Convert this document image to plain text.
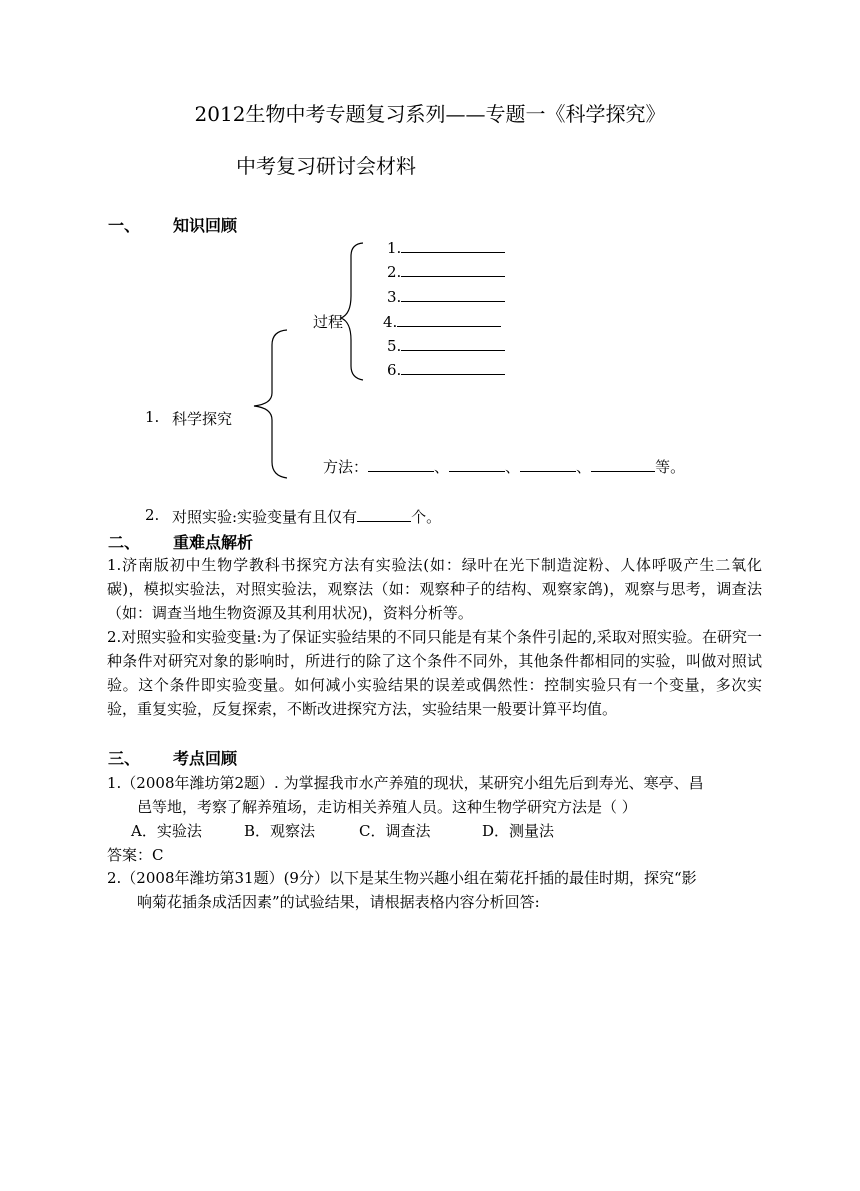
2012生物中考专题复习系列——专题一《科学探究》
中考复习研讨会材料
一、 知识回顾
1.
2.
3.
4.
5.
6.
过程
1. 科学探究
方法：	、	、	、	等。
2. 对照实验:实验变量有且仅有	个。
二、 重难点解析
1.济南版初中生物学教科书探究方法有实验法(如：绿叶在光下制造淀粉、人体呼吸产生二氧化碳)，模拟实验法，对照实验法，观察法（如：观察种子的结构、观察家鸽)，观察与思考，调查法（如：调查当地生物资源及其利用状况)，资料分析等。
2.对照实验和实验变量:为了保证实验结果的不同只能是有某个条件引起的,采取对照实验。在研究一种条件对研究对象的影响时，所进行的除了这个条件不同外，其他条件都相同的实验，叫做对照试验。这个条件即实验变量。如何减小实验结果的误差或偶然性：控制实验只有一个变量，多次实验，重复实验，反复探索，不断改进探究方法，实验结果一般要计算平均值。
三、 考点回顾
1.（2008年潍坊第2题）. 为掌握我市水产养殖的现状，某研究小组先后到寿光、寒亭、昌
邑等地，考察了解养殖场，走访相关养殖人员。这种生物学研究方法是（ ）
A．实验法	B．观察法	C．调查法	D．测量法
答案：C
2.（2008年潍坊第31题）(9分）以下是某生物兴趣小组在菊花扦插的最佳时期，探究“影
响菊花插条成活因素”的试验结果，请根据表格内容分析回答:
